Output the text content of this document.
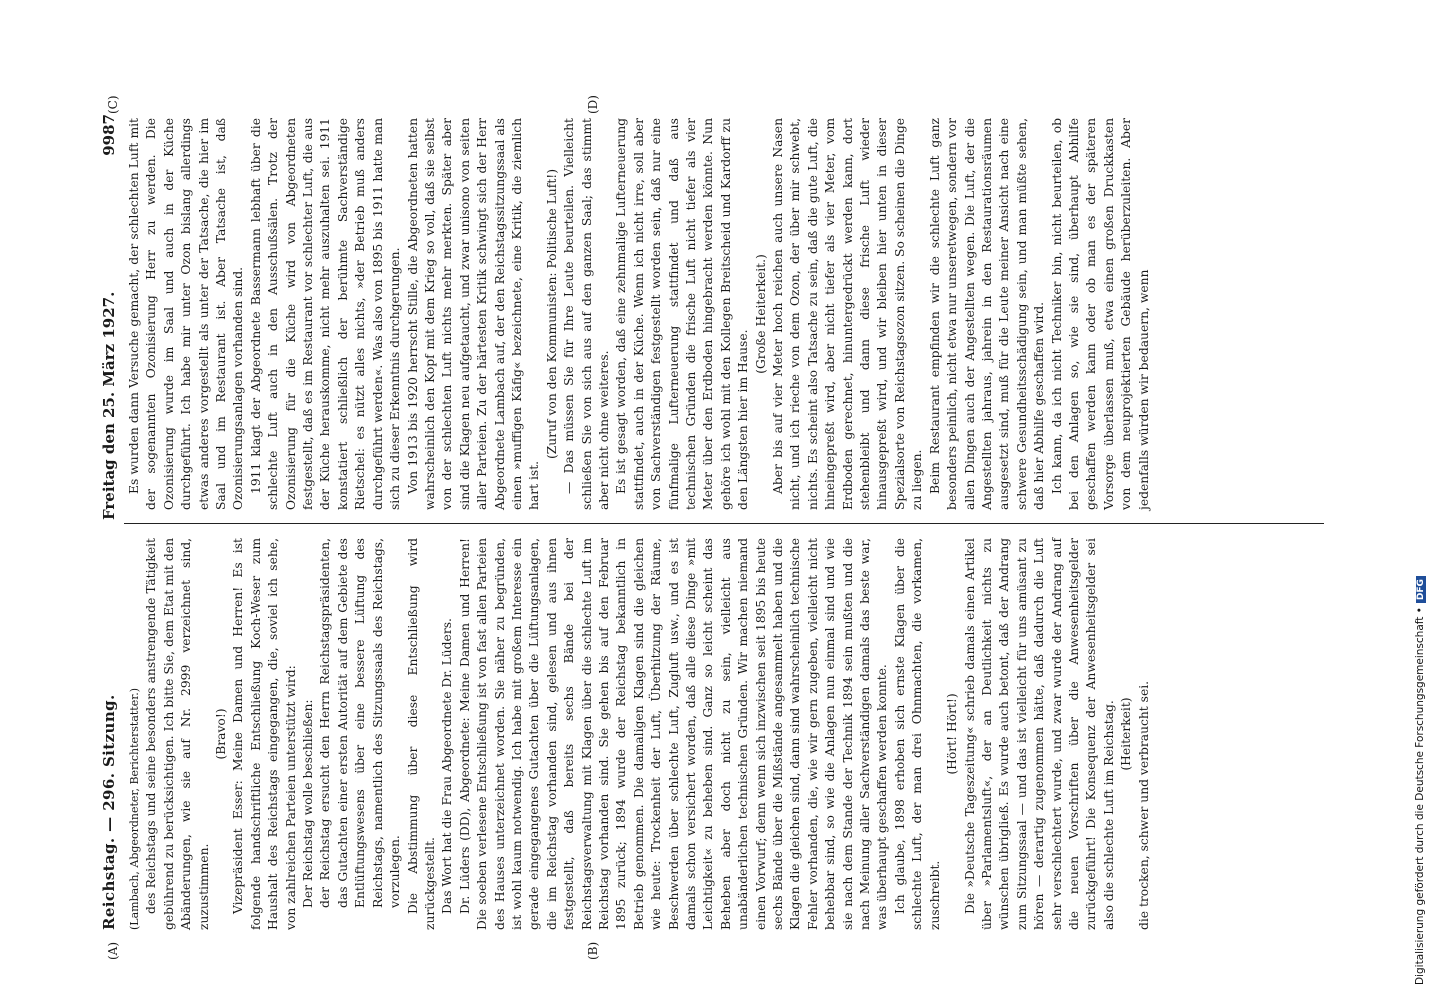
Reichstag. — 296. Sitzung.
Freitag den 25. März 1927.
9987
(A)	(B)
(C)	(D)

(Lambach, Abgeordneter, Berichterstatter.) des Reichstags und seine besonders anstrengende Tätigkeit gebührend zu berücksichtigen. Ich bitte Sie, dem Etat mit den Abänderungen, wie sie auf Nr. 2999 verzeichnet sind, zuzustimmen.

(Bravo!) Vizepräsident Esser: Meine Damen und Herren! Es ist folgende handschriftliche Entschließung Koch-Weser zum Haushalt des Reichstags eingegangen, die, soviel ich sehe, von zahlreichen Parteien unterstützt wird: Der Reichstag wolle beschließen: der Reichstag ersucht den Herrn Reichstagspräsidenten, das Gutachten einer ersten Autorität auf dem Gebiete des Entlüftungswesens über eine bessere Lüftung des Reichstags, namentlich des Sitzungssaals des Reichstags, vorzulegen. Die Abstimmung über diese Entschließung wird zurückgestellt. Das Wort hat die Frau Abgeordnete Dr. Lüders. Dr. Lüders (DD), Abgeordnete: Meine Damen und Herren! Die soeben verlesene Entschließung ist von fast allen Parteien des Hauses unterzeichnet worden. Sie näher zu begründen, ist wohl kaum notwendig. Ich habe mit großem Interesse ein gerade eingegangenes Gutachten über die Lüftungsanlagen, die im Reichstag vorhanden sind, gelesen und aus ihnen festgestellt, daß bereits sechs Bände bei der Reichstagsverwaltung mit Klagen über die schlechte Luft im Reichstag vorhanden sind. Sie gehen bis auf den Februar 1895 zurück; 1894 wurde der Reichstag bekanntlich in Betrieb genommen. Die damaligen Klagen sind die gleichen wie heute: Trockenheit der Luft, Überhitzung der Räume, Beschwerden über schlechte Luft, Zugluft usw., und es ist damals schon versichert worden, daß alle diese Dinge »mit Leichtigkeit« zu beheben sind. Ganz so leicht scheint das Beheben aber doch nicht zu sein, vielleicht aus unabänderlichen technischen Gründen. Wir machen niemand einen Vorwurf; denn wenn sich inzwischen seit 1895 bis heute sechs Bände über die Mißstände angesammelt haben und die Klagen die gleichen sind, dann sind wahrscheinlich technische Fehler vorhanden, die, wie wir gern zugeben, vielleicht nicht behebbar sind, so wie die Anlagen nun einmal sind und wie sie nach dem Stande der Technik 1894 sein mußten und die nach Meinung aller Sachverständigen damals das beste war, was überhaupt geschaffen werden konnte. Ich glaube, 1898 erhoben sich ernste Klagen über die schlechte Luft, der man drei Ohnmachten, die vorkamen, zuschreibt.

(Hört! Hört!) Die »Deutsche Tageszeitung« schrieb damals einen Artikel über »Parlamentsluft«, der an Deutlichkeit nichts zu wünschen übrigließ. Es wurde auch betont, daß der Andrang zum Sitzungssaal — und das ist vielleicht für uns amüsant zu hören — derartig zugenommen hätte, daß dadurch die Luft sehr verschlechtert wurde, und zwar wurde der Andrang auf die neuen Vorschriften über die Anwesenheitsgelder zurückgeführt! Die Konsequenz der Anwesenheitsgelder sei also die schlechte Luft im Reichstag. (Heiterkeit) die trocken, schwer und verbraucht sei.

Es wurden dann Versuche gemacht, der schlechten Luft mit der sogenannten Ozonisierung Herr zu werden. Die Ozonisierung wurde im Saal und auch in der Küche durchgeführt. Ich habe mir unter Ozon bislang allerdings etwas anderes vorgestellt als unter der Tatsache, die hier im Saal und im Restaurant ist. Aber Tatsache ist, daß Ozonisierungsanlagen vorhanden sind. 1911 klagt der Abgeordnete Bassermann lebhaft über die schlechte Luft auch in den Ausschußsälen. Trotz der Ozonisierung für die Küche wird von Abgeordneten festgestellt, daß es im Restaurant vor schlechter Luft, die aus der Küche herauskomme, nicht mehr auszuhalten sei. 1911 konstatiert schließlich der berühmte Sachverständige Rietschel: es nützt alles nichts, »der Betrieb muß anders durchgeführt werden«. Was also von 1895 bis 1911 hatte man sich zu dieser Erkenntnis durchgerungen. Von 1913 bis 1920 herrscht Stille, die Abgeordneten hatten wahrscheinlich den Kopf mit dem Krieg so voll, daß sie selbst von der schlechten Luft nichts mehr merkten. Später aber sind die Klagen neu aufgetaucht, und zwar unisono von seiten aller Parteien. Zu der härtesten Kritik schwingt sich der Herr Abgeordnete Lambach auf, der den Reichstagssitzungssaal als einen »muffigen Käfig« bezeichnete, eine Kritik, die ziemlich hart ist.

(Zuruf von den Kommunisten: Politische Luft!) — Das müssen Sie für Ihre Leute beurteilen. Vielleicht schließen Sie von sich aus auf den ganzen Saal; das stimmt aber nicht ohne weiteres. Es ist gesagt worden, daß eine zehnmalige Lufterneuerung stattfindet, auch in der Küche. Wenn ich nicht irre, soll aber von Sachverständigen festgestellt worden sein, daß nur eine fünfmalige Lufterneuerung stattfindet und daß aus technischen Gründen die frische Luft nicht tiefer als vier Meter über den Erdboden hingebracht werden könnte. Nun gehöre ich wohl mit den Kollegen Breitscheid und Kardorff zu den Längsten hier im Hause.

(Große Heiterkeit.) Aber bis auf vier Meter hoch reichen auch unsere Nasen nicht, und ich rieche von dem Ozon, der über mir schwebt, nichts. Es scheint also Tatsache zu sein, daß die gute Luft, die hineingepreßt wird, aber nicht tiefer als vier Meter, vom Erdboden gerechnet, hinuntergedrückt werden kann, dort stehenbleibt und dann diese frische Luft wieder hinausgepreßt wird, und wir bleiben hier unten in dieser Spezialsorte von Reichstagsozon sitzen. So scheinen die Dinge zu liegen. Beim Restaurant empfinden wir die schlechte Luft ganz besonders peinlich, nicht etwa nur unseretwegen, sondern vor allen Dingen auch der Angestellten wegen. Die Luft, der die Angestellten jahraus, jahrein in den Restaurationsräumen ausgesetzt sind, muß für die Leute meiner Ansicht nach eine schwere Gesundheitsschädigung sein, und man müßte sehen, daß hier Abhilfe geschaffen wird. Ich kann, da ich nicht Techniker bin, nicht beurteilen, ob bei den Anlagen so, wie sie sind, überhaupt Abhilfe geschaffen werden kann oder ob man es der späteren Vorsorge überlassen muß, etwa einen großen Druckkasten von dem neuprojektierten Gebäude herüberzuleiten. Aber jedenfalls würden wir bedauern, wenn

Digitalisierung gefördert durch die Deutsche Forschungsgemeinschaft •DFG
